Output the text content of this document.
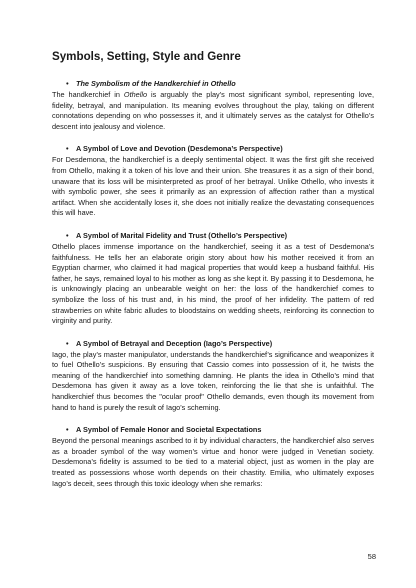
Symbols, Setting, Style and Genre
•	The Symbolism of the Handkerchief in Othello

The handkerchief in Othello is arguably the play’s most significant symbol, representing love, fidelity, betrayal, and manipulation. Its meaning evolves throughout the play, taking on different connotations depending on who possesses it, and it ultimately serves as the catalyst for Othello’s descent into jealousy and violence.

•	A Symbol of Love and Devotion (Desdemona’s Perspective)

For Desdemona, the handkerchief is a deeply sentimental object. It was the first gift she received from Othello, making it a token of his love and their union. She treasures it as a sign of their bond, unaware that its loss will be misinterpreted as proof of her betrayal. Unlike Othello, who invests it with symbolic power, she sees it primarily as an expression of affection rather than a mystical artifact. When she accidentally loses it, she does not initially realize the devastating consequences this will have.

•	A Symbol of Marital Fidelity and Trust (Othello’s Perspective)

Othello places immense importance on the handkerchief, seeing it as a test of Desdemona’s faithfulness. He tells her an elaborate origin story about how his mother received it from an Egyptian charmer, who claimed it had magical properties that would keep a husband faithful. His father, he says, remained loyal to his mother as long as she kept it. By passing it to Desdemona, he is unknowingly placing an unbearable weight on her: the loss of the handkerchief comes to symbolize the loss of his trust and, in his mind, the proof of her infidelity. The pattern of red strawberries on white fabric alludes to bloodstains on wedding sheets, reinforcing its connection to virginity and purity.

•	A Symbol of Betrayal and Deception (Iago’s Perspective)

Iago, the play’s master manipulator, understands the handkerchief’s significance and weaponizes it to fuel Othello’s suspicions. By ensuring that Cassio comes into possession of it, he twists the meaning of the handkerchief into something damning. He plants the idea in Othello’s mind that Desdemona has given it away as a love token, reinforcing the lie that she is unfaithful. The handkerchief thus becomes the "ocular proof" Othello demands, even though its movement from hand to hand is purely the result of Iago’s scheming.

•	A Symbol of Female Honor and Societal Expectations

Beyond the personal meanings ascribed to it by individual characters, the handkerchief also serves as a broader symbol of the way women’s virtue and honor were judged in Venetian society. Desdemona’s fidelity is assumed to be tied to a material object, just as women in the play are treated as possessions whose worth depends on their chastity. Emilia, who ultimately exposes Iago’s deceit, sees through this toxic ideology when she remarks:

58
